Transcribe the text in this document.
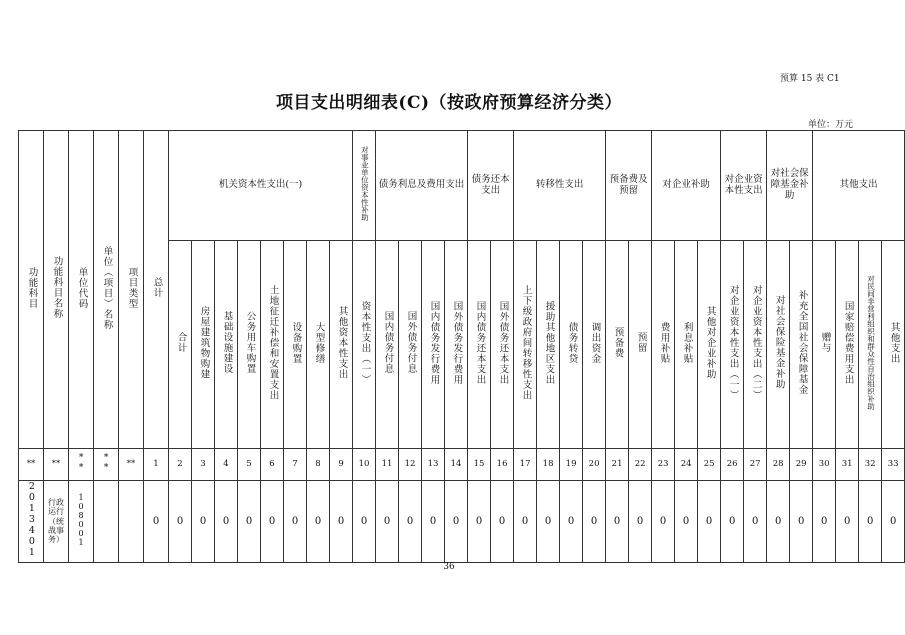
预算 15 表 C1
项目支出明细表(C)（按政府预算经济分类）
单位：万元
功能科目	功能科目名称	单位代码	单位（项目）名称	项目类型	总计	机关资本性支出(一)								对事业单位资本性补助	债务利息及费用支出				债务还本支出		转移性支出				预备费及预留		对企业补助			对企业资本性支出		对社会保障基金补助		其他支出			
						合计	房屋建筑物购建	基础设施建设	公务用车购置	土地征迁补偿和安置支出	设备购置	大型修缮	其他资本性支出	资本性支出（一）	国内债务付息	国外债务付息	国内债务发行费用	国外债务发行费用	国内债务还本支出	国外债务还本支出	上下级政府间转移性支出	援助其他地区支出	债务转贷	调出资金	预备费	预留	费用补贴	利息补贴	其他对企业补助	对企业资本性支出（一）	对企业资本性支出（二）	对社会保险基金补助	补充全国社会保障基金	赠与	国家赔偿费用支出	对民间非营利组织和群众性自治组织补助	其他支出
**	**	**	**	**	1	2	3	4	5	6	7	8	9	10	11	12	13	14	15	16	17	18	19	20	21	22	23	24	25	26	27	28	29	30	31	32	33
2013401	行政运行（统战事务）	108001			0	0	0	0	0	0	0	0	0	0	0	0	0	0	0	0	0	0	0	0	0	0	0	0	0	0	0	0	0	0	0	0	0
36
